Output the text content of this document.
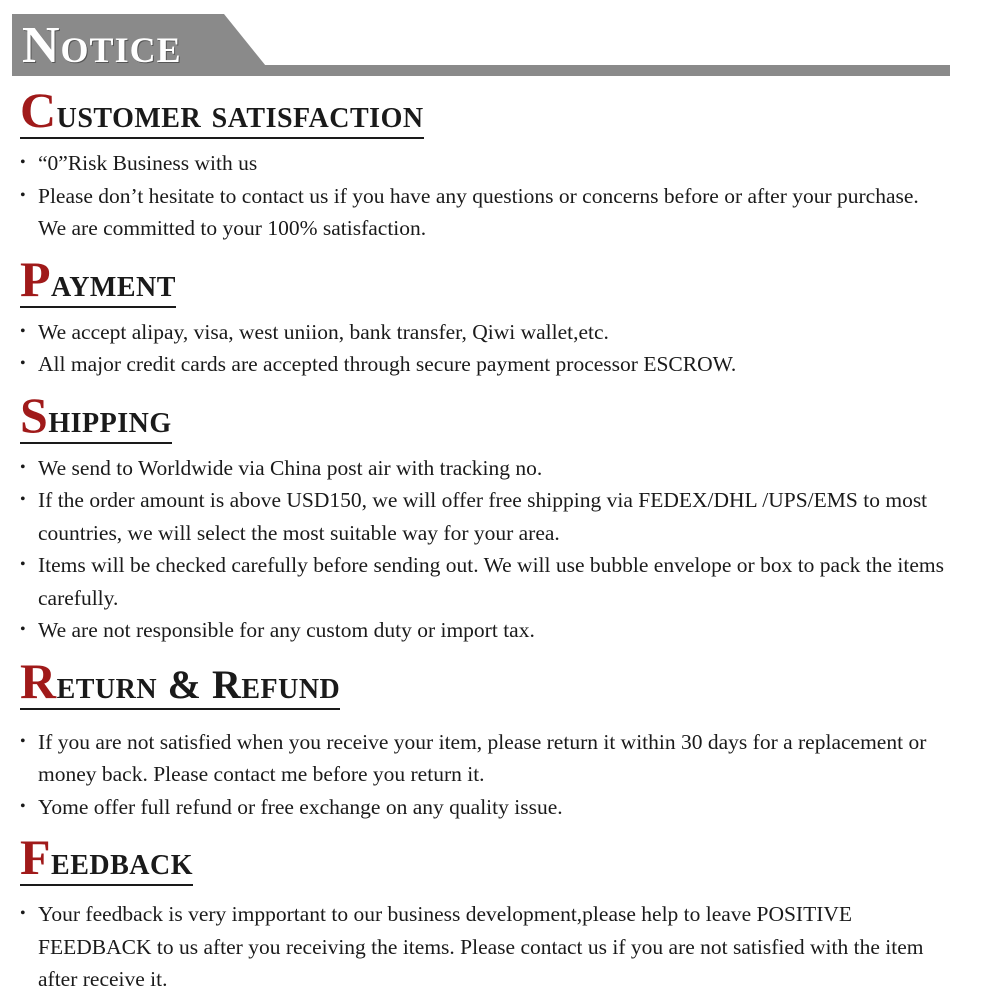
Notice
Customer satisfaction
• “0”Risk Business with us
• Please don’t hesitate to contact us if you have any questions or concerns before or after your purchase. We are committed to your 100% satisfaction.
Payment
• We accept alipay, visa, west uniion, bank transfer, Qiwi wallet,etc.
• All major credit cards are accepted through secure payment processor ESCROW.
Shipping
• We send to Worldwide via China post air with tracking no.
• If the order amount is above USD150, we will offer free shipping via FEDEX/DHL /UPS/EMS to most countries, we will select the most suitable way for your area.
• Items will be checked carefully before sending out. We will use bubble envelope or box to pack the items carefully.
• We are not responsible for any custom duty or import tax.
Return & Refund
• If you are not satisfied when you receive your item, please return it within 30 days for a replacement or money back. Please contact me before you return it.
• Yome offer full refund or free exchange on any quality issue.
Feedback
• Your feedback is very impportant to our business development,please help to leave POSITIVE FEEDBACK to us after you receiving the items. Please contact us if you are not satisfied with the item after receive it.
